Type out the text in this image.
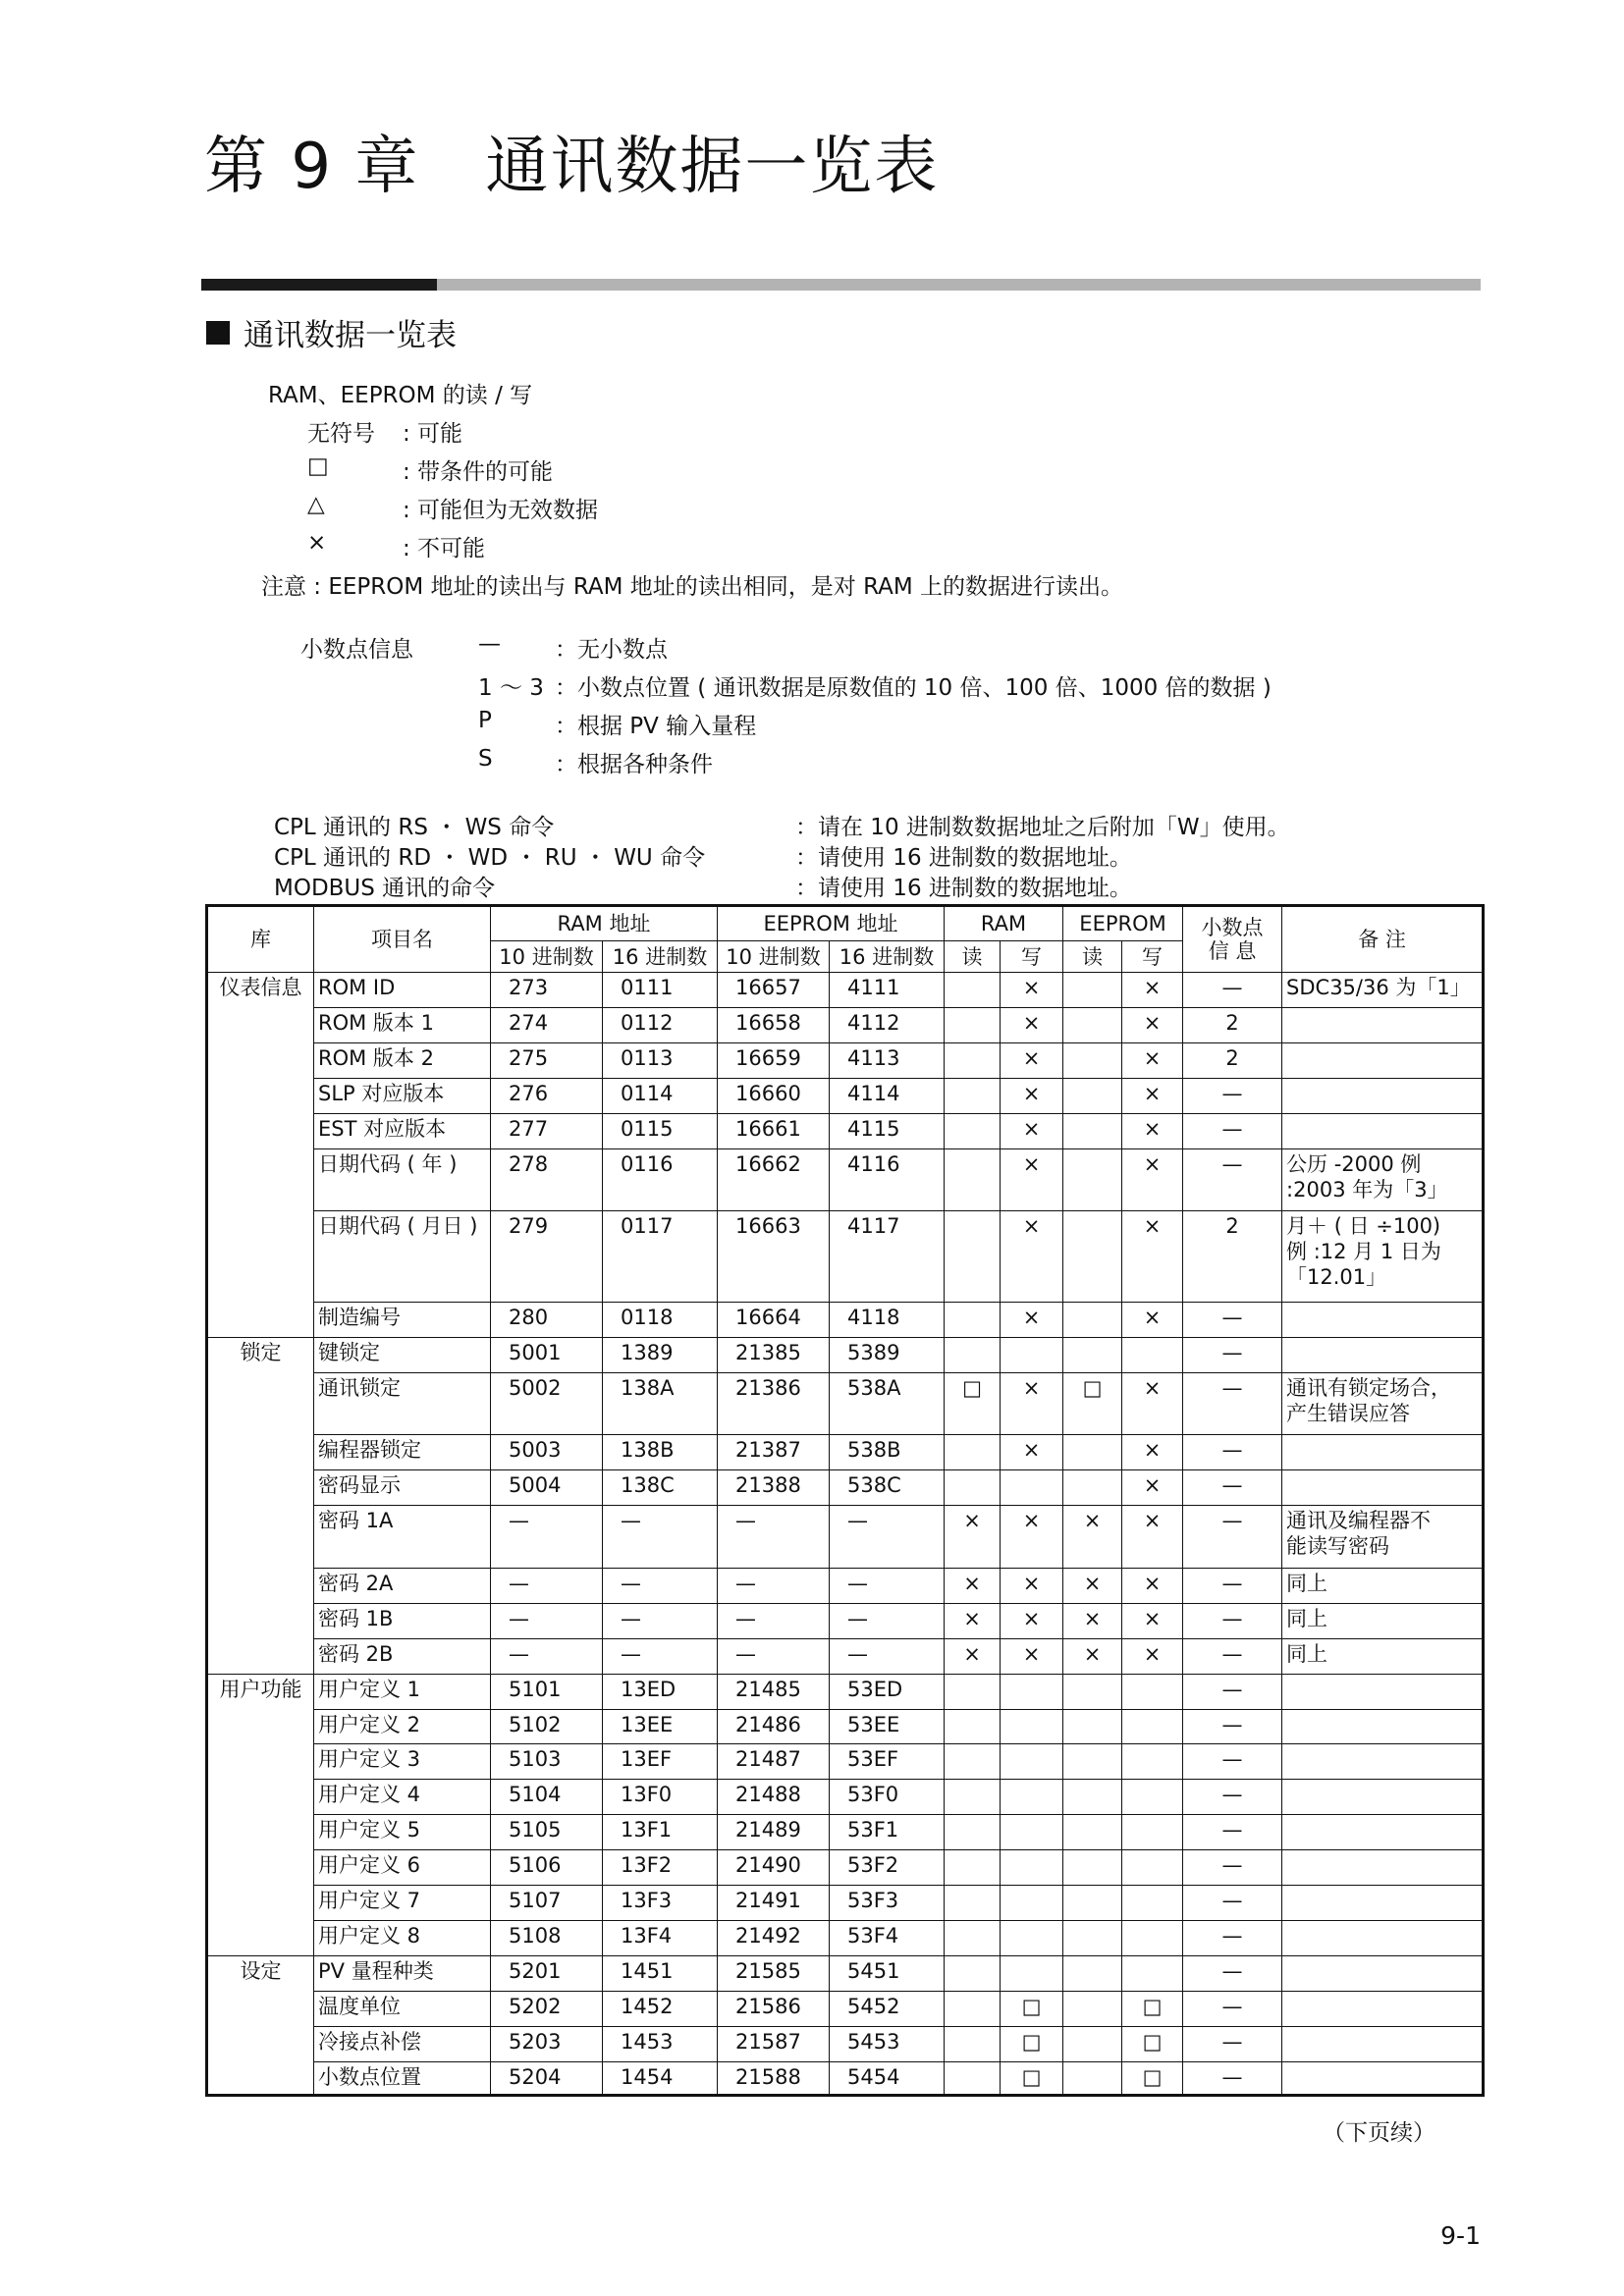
第 9 章   通讯数据一览表
通讯数据一览表
RAM、EEPROM 的读 / 写
无符号 : 可能
□	: 带条件的可能
△	: 可能但为无效数据
×	: 不可能
注意 : EEPROM 地址的读出与 RAM 地址的读出相同，是对 RAM 上的数据进行读出。
小数点信息	— ：无小数点
1 ～ 3 ：小数点位置 ( 通讯数据是原数值的 10 倍、100 倍、1000 倍的数据 )
P	：根据 PV 输入量程
S	：根据各种条件
CPL 通讯的 RS ・ WS 命令	：请在 10 进制数数据地址之后附加「W」使用。
CPL 通讯的 RD ・ WD ・ RU ・ WU 命令	：请使用 16 进制数的数据地址。
MODBUS 通讯的命令	：请使用 16 进制数的数据地址。
库	项目名	RAM 地址		EEPROM 地址		RAM		EEPROM		小数点
信 息	备 注
		10 进制数	16 进制数	10 进制数	16 进制数	读	写	读	写		
仪表信息	ROM ID	273	0111	16657	4111		×		×	—	SDC35/36 为「1」
	ROM 版本 1	274	0112	16658	4112		×		×	2	
	ROM 版本 2	275	0113	16659	4113		×		×	2	
	SLP 对应版本	276	0114	16660	4114		×		×	—	
	EST 对应版本	277	0115	16661	4115		×		×	—	
	日期代码 ( 年 )	278	0116	16662	4116		×		×	—	公历 -2000 例
:2003 年为「3」
	日期代码 ( 月日 )	279	0117	16663	4117		×		×	2	月＋ ( 日 ÷100)
例 :12 月 1 日为
「12.01」
	制造编号	280	0118	16664	4118		×		×	—	
锁定	键锁定	5001	1389	21385	5389					—	
	通讯锁定	5002	138A	21386	538A	□	×	□	×	—	通讯有锁定场合，
产生错误应答
	编程器锁定	5003	138B	21387	538B		×		×	—	
	密码显示	5004	138C	21388	538C				×	—	
	密码 1A	—	—	—	—	×	×	×	×	—	通讯及编程器不
能读写密码
	密码 2A	—	—	—	—	×	×	×	×	—	同上
	密码 1B	—	—	—	—	×	×	×	×	—	同上
	密码 2B	—	—	—	—	×	×	×	×	—	同上
用户功能	用户定义 1	5101	13ED	21485	53ED					—	
	用户定义 2	5102	13EE	21486	53EE					—	
	用户定义 3	5103	13EF	21487	53EF					—	
	用户定义 4	5104	13F0	21488	53F0					—	
	用户定义 5	5105	13F1	21489	53F1					—	
	用户定义 6	5106	13F2	21490	53F2					—	
	用户定义 7	5107	13F3	21491	53F3					—	
	用户定义 8	5108	13F4	21492	53F4					—	
设定	PV 量程种类	5201	1451	21585	5451					—	
	温度单位	5202	1452	21586	5452		□		□	—	
	冷接点补偿	5203	1453	21587	5453		□		□	—	
	小数点位置	5204	1454	21588	5454		□		□	—	
（下页续）
9-1
